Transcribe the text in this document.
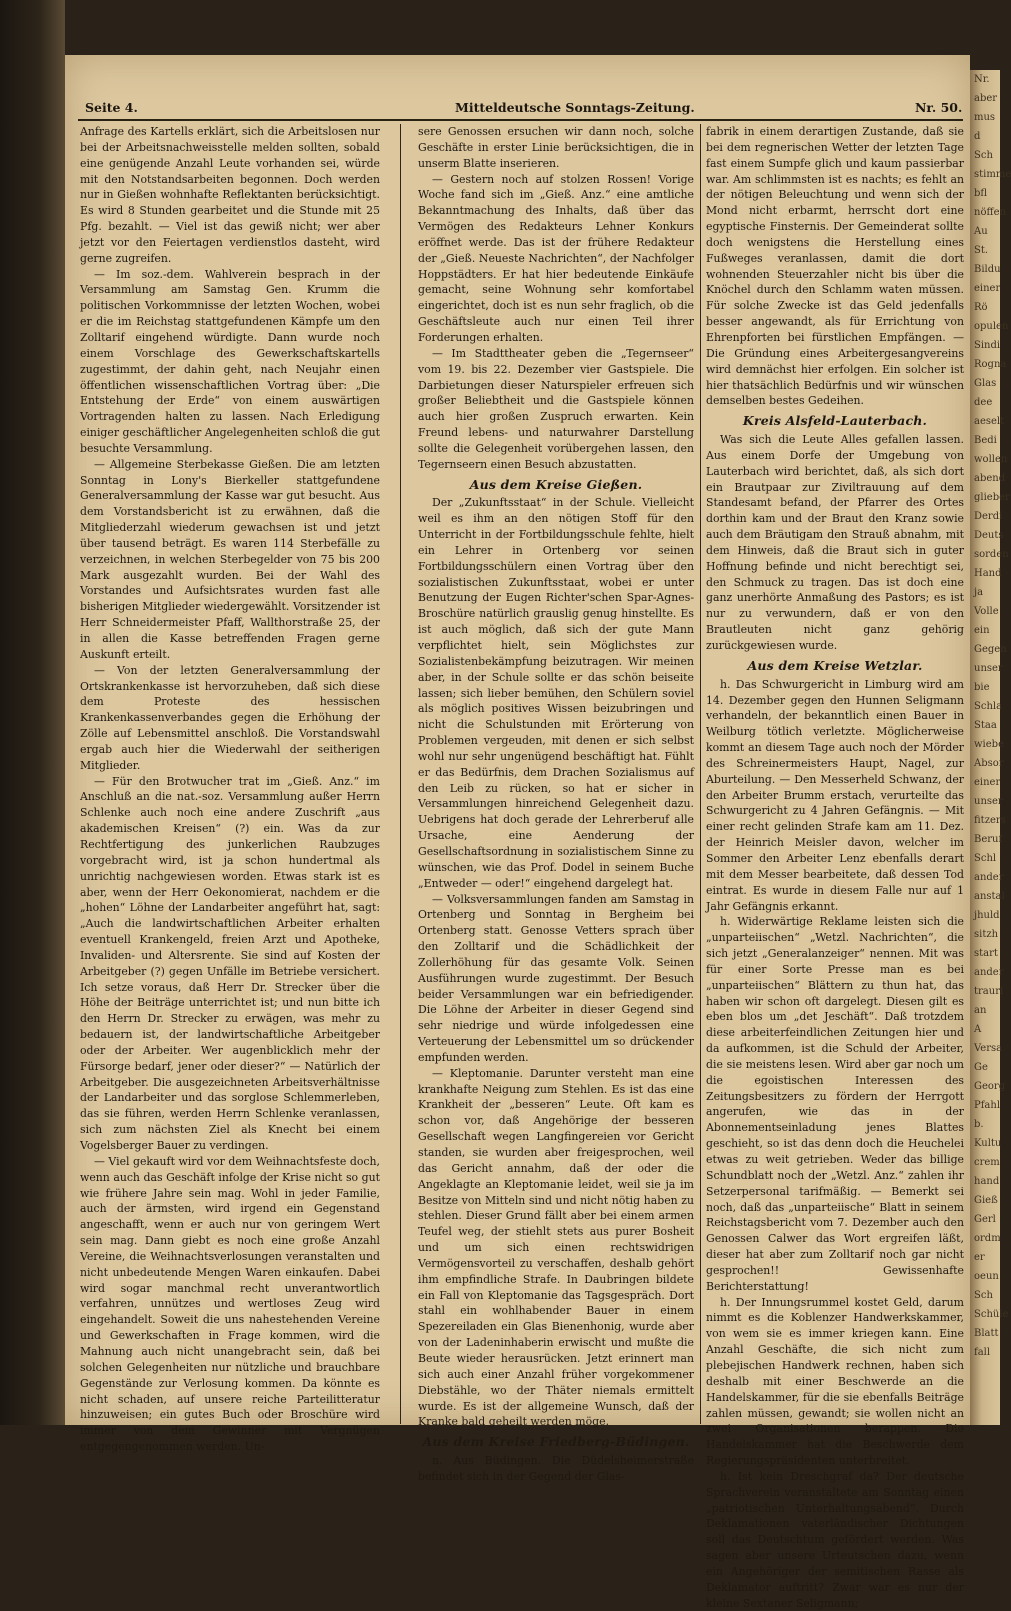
Nr.
aber
mus
d
Sch
stimme
bfl
nöffen
Au
St.
Bildu
einer
Rö
opulen
Sindi
Rogna
Glas
dee
aeselt
Bedi
wollen
abend
glieber
Derdi
Deuts
sorden
Hand
ja
Volle
ein
Gegen
unser
bie
Schla
Staa
wiebe
Absor
einer
unser
fitzers
Beruf
Schl
ander
anstal
jhuld
sitzh
start
ander
trauri
an
A
Versa
Ge
Georg
Pfahl
b.
Kultu
crem
hand
Gieß
Gerl
ordm
er
oeun
Sch
Schüle
Blatt
fall
Seite 4.	Mitteldeutsche Sonntags-Zeitung.	Nr. 50.

Anfrage des Kartells erklärt, sich die Arbeitslosen nur bei der Arbeitsnachweisstelle melden sollten, sobald eine genügende Anzahl Leute vorhanden sei, würde mit den Notstandsarbeiten begonnen. Doch werden nur in Gießen wohnhafte Reflektanten berücksichtigt. Es wird 8 Stunden gearbeitet und die Stunde mit 25 Pfg. bezahlt. — Viel ist das gewiß nicht; wer aber jetzt vor den Feiertagen verdienstlos dasteht, wird gerne zugreifen.

— Im soz.-dem. Wahlverein besprach in der Versammlung am Samstag Gen. Krumm die politischen Vorkommnisse der letzten Wochen, wobei er die im Reichstag stattgefundenen Kämpfe um den Zolltarif eingehend würdigte. Dann wurde noch einem Vorschlage des Gewerkschaftskartells zugestimmt, der dahin geht, nach Neujahr einen öffentlichen wissenschaftlichen Vortrag über: „Die Entstehung der Erde“ von einem auswärtigen Vortragenden halten zu lassen. Nach Erledigung einiger geschäftlicher Angelegenheiten schloß die gut besuchte Versammlung.

— Allgemeine Sterbekasse Gießen. Die am letzten Sonntag in Lony's Bierkeller stattgefundene Generalversammlung der Kasse war gut besucht. Aus dem Vorstandsbericht ist zu erwähnen, daß die Mitgliederzahl wiederum gewachsen ist und jetzt über tausend beträgt. Es waren 114 Sterbefälle zu verzeichnen, in welchen Sterbegelder von 75 bis 200 Mark ausgezahlt wurden. Bei der Wahl des Vorstandes und Aufsichtsrates wurden fast alle bisherigen Mitglieder wiedergewählt. Vorsitzender ist Herr Schneidermeister Pfaff, Wallthorstraße 25, der in allen die Kasse betreffenden Fragen gerne Auskunft erteilt.

— Von der letzten Generalversammlung der Ortskrankenkasse ist hervorzuheben, daß sich diese dem Proteste des hessischen Krankenkassenverbandes gegen die Erhöhung der Zölle auf Lebensmittel anschloß. Die Vorstandswahl ergab auch hier die Wiederwahl der seitherigen Mitglieder.

— Für den Brotwucher trat im „Gieß. Anz.“ im Anschluß an die nat.-soz. Versammlung außer Herrn Schlenke auch noch eine andere Zuschrift „aus akademischen Kreisen“ (?) ein. Was da zur Rechtfertigung des junkerlichen Raubzuges vorgebracht wird, ist ja schon hundertmal als unrichtig nachgewiesen worden. Etwas stark ist es aber, wenn der Herr Oekonomierat, nachdem er die „hohen“ Löhne der Landarbeiter angeführt hat, sagt: „Auch die landwirtschaftlichen Arbeiter erhalten eventuell Krankengeld, freien Arzt und Apotheke, Invaliden- und Altersrente. Sie sind auf Kosten der Arbeitgeber (?) gegen Unfälle im Betriebe versichert. Ich setze voraus, daß Herr Dr. Strecker über die Höhe der Beiträge unterrichtet ist; und nun bitte ich den Herrn Dr. Strecker zu erwägen, was mehr zu bedauern ist, der landwirtschaftliche Arbeitgeber oder der Arbeiter. Wer augenblicklich mehr der Fürsorge bedarf, jener oder dieser?“ — Natürlich der Arbeitgeber. Die ausgezeichneten Arbeitsverhältnisse der Landarbeiter und das sorglose Schlemmerleben, das sie führen, werden Herrn Schlenke veranlassen, sich zum nächsten Ziel als Knecht bei einem Vogelsberger Bauer zu verdingen.

— Viel gekauft wird vor dem Weihnachtsfeste doch, wenn auch das Geschäft infolge der Krise nicht so gut wie frühere Jahre sein mag. Wohl in jeder Familie, auch der ärmsten, wird irgend ein Gegenstand angeschafft, wenn er auch nur von geringem Wert sein mag. Dann giebt es noch eine große Anzahl Vereine, die Weihnachtsverlosungen veranstalten und nicht unbedeutende Mengen Waren einkaufen. Dabei wird sogar manchmal recht unverantwortlich verfahren, unnützes und wertloses Zeug wird eingehandelt. Soweit die uns nahestehenden Vereine und Gewerkschaften in Frage kommen, wird die Mahnung auch nicht unangebracht sein, daß bei solchen Gelegenheiten nur nützliche und brauchbare Gegenstände zur Verlosung kommen. Da könnte es nicht schaden, auf unsere reiche Parteilitteratur hinzuweisen; ein gutes Buch oder Broschüre wird immer von dem Gewinner mit Vergnügen entgegengenommen werden. Un-

sere Genossen ersuchen wir dann noch, solche Geschäfte in erster Linie berücksichtigen, die in unserm Blatte inserieren.

— Gestern noch auf stolzen Rossen! Vorige Woche fand sich im „Gieß. Anz.“ eine amtliche Bekanntmachung des Inhalts, daß über das Vermögen des Redakteurs Lehner Konkurs eröffnet werde. Das ist der frühere Redakteur der „Gieß. Neueste Nachrichten“, der Nachfolger Hoppstädters. Er hat hier bedeutende Einkäufe gemacht, seine Wohnung sehr komfortabel eingerichtet, doch ist es nun sehr fraglich, ob die Geschäftsleute auch nur einen Teil ihrer Forderungen erhalten.

— Im Stadttheater geben die „Tegernseer“ vom 19. bis 22. Dezember vier Gastspiele. Die Darbietungen dieser Naturspieler erfreuen sich großer Beliebtheit und die Gastspiele können auch hier großen Zuspruch erwarten. Kein Freund lebens- und naturwahrer Darstellung sollte die Gelegenheit vorübergehen lassen, den Tegernseern einen Besuch abzustatten.

Aus dem Kreise Gießen.

Der „Zukunftsstaat“ in der Schule. Vielleicht weil es ihm an den nötigen Stoff für den Unterricht in der Fortbildungsschule fehlte, hielt ein Lehrer in Ortenberg vor seinen Fortbildungsschülern einen Vortrag über den sozialistischen Zukunftsstaat, wobei er unter Benutzung der Eugen Richter'schen Spar-Agnes-Broschüre natürlich grauslig genug hinstellte. Es ist auch möglich, daß sich der gute Mann verpflichtet hielt, sein Möglichstes zur Sozialistenbekämpfung beizutragen. Wir meinen aber, in der Schule sollte er das schön beiseite lassen; sich lieber bemühen, den Schülern soviel als möglich positives Wissen beizubringen und nicht die Schulstunden mit Erörterung von Problemen vergeuden, mit denen er sich selbst wohl nur sehr ungenügend beschäftigt hat. Fühlt er das Bedürfnis, dem Drachen Sozialismus auf den Leib zu rücken, so hat er sicher in Versammlungen hinreichend Gelegenheit dazu. Uebrigens hat doch gerade der Lehrerberuf alle Ursache, eine Aenderung der Gesellschaftsordnung in sozialistischem Sinne zu wünschen, wie das Prof. Dodel in seinem Buche „Entweder — oder!“ eingehend dargelegt hat.

— Volksversammlungen fanden am Samstag in Ortenberg und Sonntag in Bergheim bei Ortenberg statt. Genosse Vetters sprach über den Zolltarif und die Schädlichkeit der Zollerhöhung für das gesamte Volk. Seinen Ausführungen wurde zugestimmt. Der Besuch beider Versammlungen war ein befriedigender. Die Löhne der Arbeiter in dieser Gegend sind sehr niedrige und würde infolgedessen eine Verteuerung der Lebensmittel um so drückender empfunden werden.

— Kleptomanie. Darunter versteht man eine krankhafte Neigung zum Stehlen. Es ist das eine Krankheit der „besseren“ Leute. Oft kam es schon vor, daß Angehörige der besseren Gesellschaft wegen Langfingereien vor Gericht standen, sie wurden aber freigesprochen, weil das Gericht annahm, daß der oder die Angeklagte an Kleptomanie leidet, weil sie ja im Besitze von Mitteln sind und nicht nötig haben zu stehlen. Dieser Grund fällt aber bei einem armen Teufel weg, der stiehlt stets aus purer Bosheit und um sich einen rechtswidrigen Vermögensvorteil zu verschaffen, deshalb gehört ihm empfindliche Strafe. In Daubringen bildete ein Fall von Kleptomanie das Tagsgespräch. Dort stahl ein wohlhabender Bauer in einem Spezereiladen ein Glas Bienenhonig, wurde aber von der Ladeninhaberin erwischt und mußte die Beute wieder herausrücken. Jetzt erinnert man sich auch einer Anzahl früher vorgekommener Diebstähle, wo der Thäter niemals ermittelt wurde. Es ist der allgemeine Wunsch, daß der Kranke bald geheilt werden möge.

Aus dem Kreise Friedberg-Büdingen.

n. Aus Büdingen. Die Düdelsheimerstraße befindet sich in der Gegend der Glas-

fabrik in einem derartigen Zustande, daß sie bei dem regnerischen Wetter der letzten Tage fast einem Sumpfe glich und kaum passierbar war. Am schlimmsten ist es nachts; es fehlt an der nötigen Beleuchtung und wenn sich der Mond nicht erbarmt, herrscht dort eine egyptische Finsternis. Der Gemeinderat sollte doch wenigstens die Herstellung eines Fußweges veranlassen, damit die dort wohnenden Steuerzahler nicht bis über die Knöchel durch den Schlamm waten müssen. Für solche Zwecke ist das Geld jedenfalls besser angewandt, als für Errichtung von Ehrenpforten bei fürstlichen Empfängen. — Die Gründung eines Arbeitergesangvereins wird demnächst hier erfolgen. Ein solcher ist hier thatsächlich Bedürfnis und wir wünschen demselben bestes Gedeihen.

Kreis Alsfeld-Lauterbach.

Was sich die Leute Alles gefallen lassen. Aus einem Dorfe der Umgebung von Lauterbach wird berichtet, daß, als sich dort ein Brautpaar zur Ziviltrauung auf dem Standesamt befand, der Pfarrer des Ortes dorthin kam und der Braut den Kranz sowie auch dem Bräutigam den Strauß abnahm, mit dem Hinweis, daß die Braut sich in guter Hoffnung befinde und nicht berechtigt sei, den Schmuck zu tragen. Das ist doch eine ganz unerhörte Anmaßung des Pastors; es ist nur zu verwundern, daß er von den Brautleuten nicht ganz gehörig zurückgewiesen wurde.

Aus dem Kreise Wetzlar.

h. Das Schwurgericht in Limburg wird am 14. Dezember gegen den Hunnen Seligmann verhandeln, der bekanntlich einen Bauer in Weilburg tötlich verletzte. Möglicherweise kommt an diesem Tage auch noch der Mörder des Schreinermeisters Haupt, Nagel, zur Aburteilung. — Den Messerheld Schwanz, der den Arbeiter Brumm erstach, verurteilte das Schwurgericht zu 4 Jahren Gefängnis. — Mit einer recht gelinden Strafe kam am 11. Dez. der Heinrich Meisler davon, welcher im Sommer den Arbeiter Lenz ebenfalls derart mit dem Messer bearbeitete, daß dessen Tod eintrat. Es wurde in diesem Falle nur auf 1 Jahr Gefängnis erkannt.

h. Widerwärtige Reklame leisten sich die „unparteiischen“ „Wetzl. Nachrichten“, die sich jetzt „Generalanzeiger“ nennen. Mit was für einer Sorte Presse man es bei „unparteiischen“ Blättern zu thun hat, das haben wir schon oft dargelegt. Diesen gilt es eben blos um „det Jeschäft“. Daß trotzdem diese arbeiterfeindlichen Zeitungen hier und da aufkommen, ist die Schuld der Arbeiter, die sie meistens lesen. Wird aber gar noch um die egoistischen Interessen des Zeitungsbesitzers zu fördern der Herrgott angerufen, wie das in der Abonnementseinladung jenes Blattes geschieht, so ist das denn doch die Heuchelei etwas zu weit getrieben. Weder das billige Schundblatt noch der „Wetzl. Anz.“ zahlen ihr Setzerpersonal tarifmäßig. — Bemerkt sei noch, daß das „unparteiische“ Blatt in seinem Reichstagsbericht vom 7. Dezember auch den Genossen Calwer das Wort ergreifen läßt, dieser hat aber zum Zolltarif noch gar nicht gesprochen!! Gewissenhafte Berichterstattung!

h. Der Innungsrummel kostet Geld, darum nimmt es die Koblenzer Handwerkskammer, von wem sie es immer kriegen kann. Eine Anzahl Geschäfte, die sich nicht zum plebejischen Handwerk rechnen, haben sich deshalb mit einer Beschwerde an die Handelskammer, für die sie ebenfalls Beiträge zahlen müssen, gewandt; sie wollen nicht an zwei Organisationen berappen. Die Handelskammer hat die Beschwerde dem Regierungspräsidenten unterbreitet.

h. Ist kein Dreschgraf da? Der deutsche Sprachverein veranstaltete am Sonntag einen „patriotischen Unterhaltungsabend“. Durch Deklamationen vaterländischer Dichtungen soll das Deutschtum gefördert werden. Was sagen aber unsere Urteutschen dazu, wenn ein Angehöriger der semitischen Rasse als Deklamator auftritt? Zwar war es nur der kleine Sextaner Seligmann;
